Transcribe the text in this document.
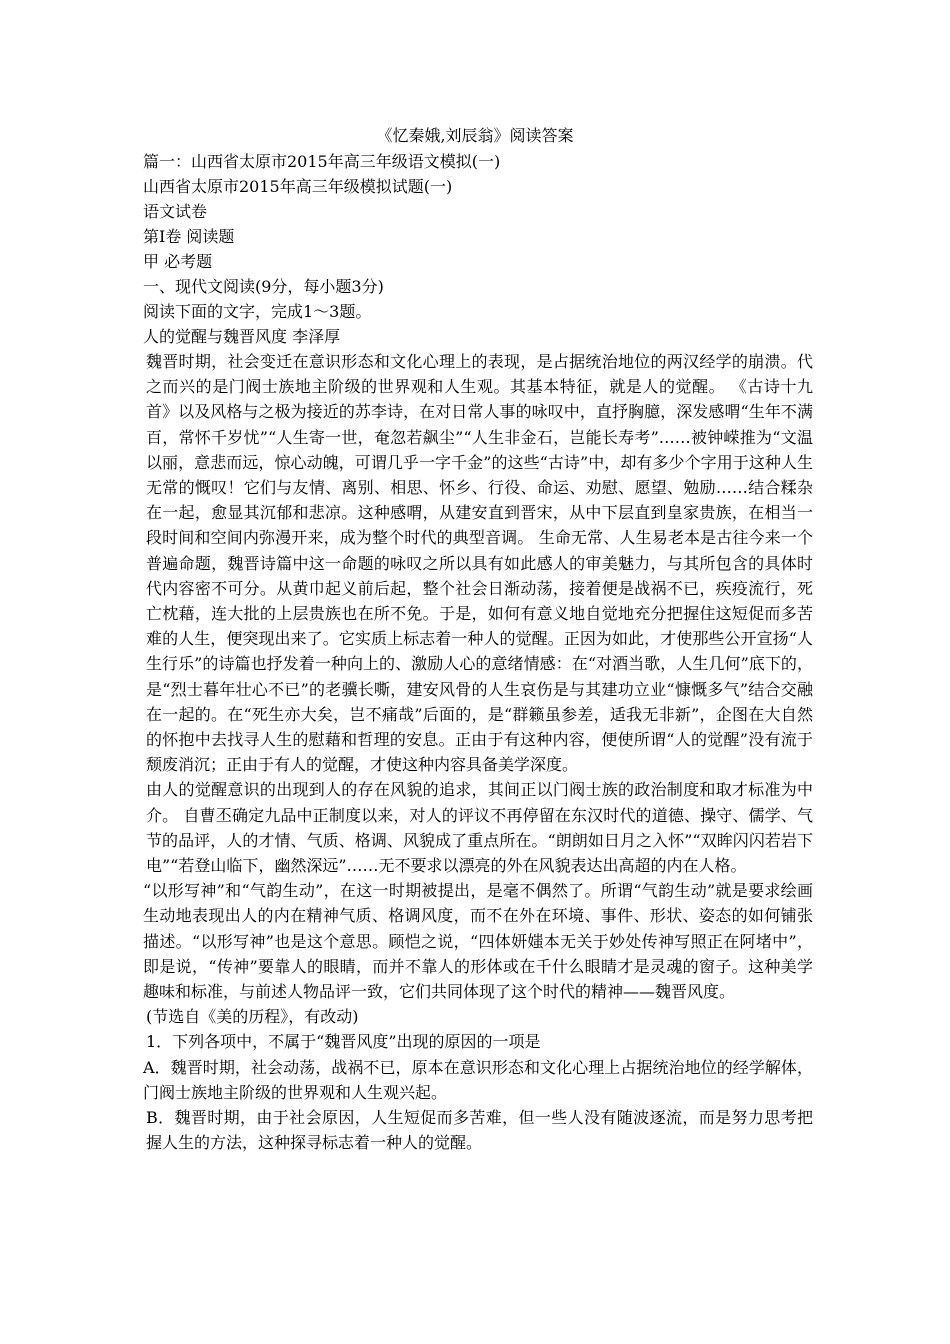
《忆秦娥,刘辰翁》阅读答案
篇一：山西省太原市2015年高三年级语文模拟(一)
山西省太原市2015年高三年级模拟试题(一)
语文试卷
第Ⅰ卷 阅读题
甲 必考题
一、现代文阅读(9分，每小题3分)
阅读下面的文字，完成1～3题。
人的觉醒与魏晋风度 李泽厚
魏晋时期，社会变迁在意识形态和文化心理上的表现，是占据统治地位的两汉经学的崩溃。代之而兴的是门阀士族地主阶级的世界观和人生观。其基本特征，就是人的觉醒。 《古诗十九首》以及风格与之极为接近的苏李诗，在对日常人事的咏叹中，直抒胸臆，深发感喟“生年不满百，常怀千岁忧”“人生寄一世，奄忽若飙尘”“人生非金石，岂能长寿考”……被钟嵘推为“文温以丽，意悲而远，惊心动魄，可谓几乎一字千金”的这些“古诗”中，却有多少个字用于这种人生无常的慨叹！它们与友情、离别、相思、怀乡、行役、命运、劝慰、愿望、勉励……结合糅杂在一起，愈显其沉郁和悲凉。这种感喟，从建安直到晋宋，从中下层直到皇家贵族，在相当一段时间和空间内弥漫开来，成为整个时代的典型音调。 生命无常、人生易老本是古往今来一个普遍命题，魏晋诗篇中这一命题的咏叹之所以具有如此感人的审美魅力，与其所包含的具体时代内容密不可分。从黄巾起义前后起，整个社会日渐动荡，接着便是战祸不已，疾疫流行，死亡枕藉，连大批的上层贵族也在所不免。于是，如何有意义地自觉地充分把握住这短促而多苦难的人生，便突现出来了。它实质上标志着一种人的觉醒。正因为如此，才使那些公开宣扬“人生行乐”的诗篇也抒发着一种向上的、激励人心的意绪情感：在“对酒当歌，人生几何”底下的，是“烈士暮年壮心不已”的老骥长嘶，建安风骨的人生哀伤是与其建功立业“慷慨多气”结合交融在一起的。在“死生亦大矣，岂不痛哉”后面的，是“群籁虽参差，适我无非新”，企图在大自然的怀抱中去找寻人生的慰藉和哲理的安息。正由于有这种内容，便使所谓“人的觉醒”没有流于颓废消沉；正由于有人的觉醒，才使这种内容具备美学深度。
由人的觉醒意识的出现到人的存在风貌的追求，其间正以门阀士族的政治制度和取才标准为中介。 自曹丕确定九品中正制度以来，对人的评议不再停留在东汉时代的道德、操守、儒学、气节的品评，人的才情、气质、格调、风貌成了重点所在。“朗朗如日月之入怀”“双眸闪闪若岩下电”“若登山临下，幽然深远”……无不要求以漂亮的外在风貌表达出高超的内在人格。
“以形写神”和“气韵生动”，在这一时期被提出，是毫不偶然了。所谓“气韵生动”就是要求绘画生动地表现出人的内在精神气质、格调风度，而不在外在环境、事件、形状、姿态的如何铺张描述。“以形写神”也是这个意思。顾恺之说，“四体妍媸本无关于妙处传神写照正在阿堵中”，即是说，“传神”要靠人的眼睛，而并不靠人的形体或在千什么眼睛才是灵魂的窗子。这种美学趣味和标准，与前述人物品评一致，它们共同体现了这个时代的精神——魏晋风度。
(节选自《美的历程》，有改动)
1．下列各项中，不属于“魏晋风度”出现的原因的一项是
A．魏晋时期，社会动荡，战祸不已，原本在意识形态和文化心理上占据统治地位的经学解体，门阀士族地主阶级的世界观和人生观兴起。
B．魏晋时期，由于社会原因，人生短促而多苦难，但一些人没有随波逐流，而是努力思考把握人生的方法，这种探寻标志着一种人的觉醒。
